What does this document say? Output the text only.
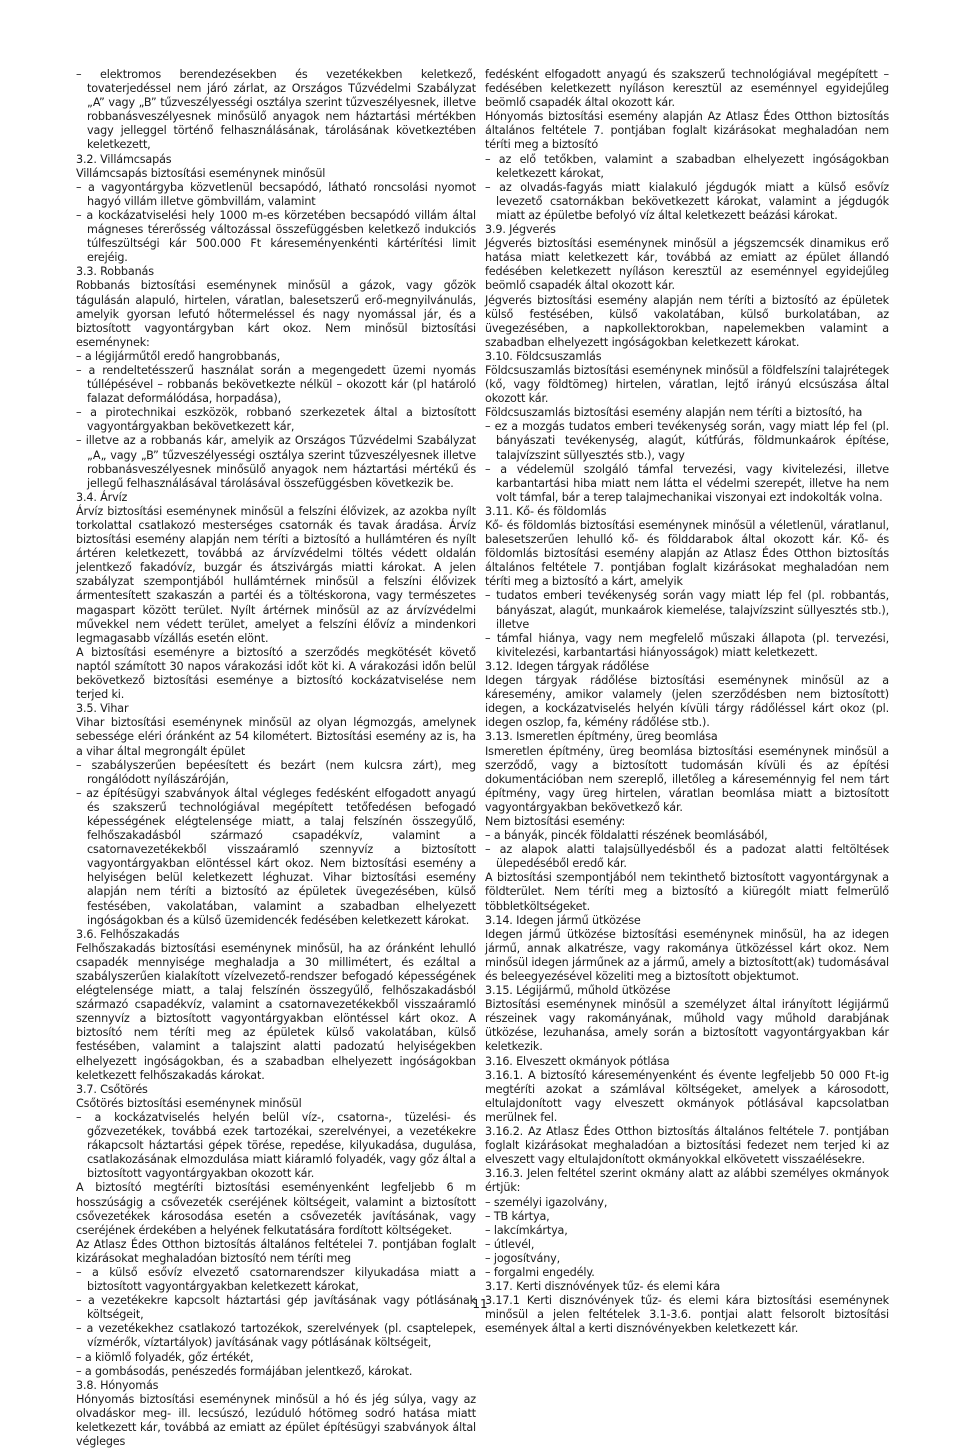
– elektromos berendezésekben és vezetékekben keletkező, tovaterjedéssel nem járó zárlat, az Országos Tűzvédelmi Szabályzat „A” vagy „B” tűzveszélyességi osztálya szerint tűzveszélyesnek, illetve robbanásveszélyesnek minősülő anyagok nem háztartási mértékben vagy jelleggel történő felhasználásának, tárolásának következtében keletkezett,

3.2. Villámcsapás

Villámcsapás biztosítási eseménynek minősül

– a vagyontárgyba közvetlenül becsapódó, látható roncsolási nyomot hagyó villám illetve gömbvillám, valamint

– a kockázatviselési hely 1000 m-es körzetében becsapódó villám által mágneses térerősség változással összefüggésben keletkező indukciós túlfeszültségi kár 500.000 Ft káreseményenkénti kártérítési limit erejéig.

3.3. Robbanás

Robbanás biztosítási eseménynek minősül a gázok, vagy gőzök tágulásán alapuló, hirtelen, váratlan, balesetszerű erő-megnyilvánulás, amelyik gyorsan lefutó hőtermeléssel és nagy nyomással jár, és a biztosított vagyontárgyban kárt okoz. Nem minősül biztosítási eseménynek:

– a légijárműtől eredő hangrobbanás,

– a rendeltetésszerű használat során a megengedett üzemi nyomás túllépésével – robbanás bekövetkezte nélkül – okozott kár (pl határoló falazat deformálódása, horpadása),

– a pirotechnikai eszközök, robbanó szerkezetek által a biztosított vagyontárgyakban bekövetkezett kár,

– illetve az a robbanás kár, amelyik az Országos Tűzvédelmi Szabályzat „A„ vagy „B” tűzveszélyességi osztálya szerint tűzveszélyesnek illetve robbanásveszélyesnek minősülő anyagok nem háztartási mértékű és jellegű felhasználásával tárolásával összefüggésben következik be.

3.4. Árvíz

Árvíz biztosítási eseménynek minősül a felszíni élővizek, az azokba nyílt torkolattal csatlakozó mesterséges csatornák és tavak áradása. Árvíz biztosítási esemény alapján nem téríti a biztosító a hullámtéren és nyílt ártéren keletkezett, továbbá az árvízvédelmi töltés védett oldalán jelentkező fakadóvíz, buzgár és átszivárgás miatti károkat. A jelen szabályzat szempontjából hullámtérnek minősül a felszíni élővizek ármentesített szakaszán a partéi és a töltéskorona, vagy természetes magaspart között terület. Nyílt ártérnek minősül az az árvízvédelmi művekkel nem védett terület, amelyet a felszíni élővíz a mindenkori legmagasabb vízállás esetén elönt.

A biztosítási eseményre a biztosító a szerződés megkötését követő naptól számított 30 napos várakozási időt köt ki. A várakozási időn belül bekövetkező biztosítási eseménye a biztosító kockázatviselése nem terjed ki.

3.5. Vihar

Vihar biztosítási eseménynek minősül az olyan légmozgás, amelynek sebessége eléri óránként az 54 kilométert. Biztosítási esemény az is, ha a vihar által megrongált épület

– szabályszerűen bepéesített és bezárt (nem kulcsra zárt), meg rongálódott nyílászáróján,

– az építésügyi szabványok által végleges fedésként elfogadott anyagú és szakszerű technológiával megépített tetőfedésen befogadó képességének elégtelensége miatt, a talaj felszínén összegyűlő, felhőszakadásból származó csapadékvíz, valamint a csatornavezetékekből visszaáramló szennyvíz a biztosított vagyontárgyakban elöntéssel kárt okoz. Nem biztosítási esemény a helyiségen belül keletkezett léghuzat. Vihar biztosítási esemény alapján nem téríti a biztosító az épületek üvegezésében, külső festésében, vakolatában, valamint a szabadban elhelyezett ingóságokban és a külső üzemidencék fedésében keletkezett károkat.

3.6. Felhőszakadás

Felhőszakadás biztosítási eseménynek minősül, ha az óránként lehulló csapadék mennyisége meghaladja a 30 millimétert, és ezáltal a szabályszerűen kialakított vízelvezető-rendszer befogadó képességének elégtelensége miatt, a talaj felszínén összegyűlő, felhőszakadásból származó csapadékvíz, valamint a csatornavezetékekből visszaáramló szennyvíz a biztosított vagyontárgyakban elöntéssel kárt okoz. A biztosító nem téríti meg az épületek külső vakolatában, külső festésében, valamint a talajszint alatti padozatú helyiségekben elhelyezett ingóságokban, és a szabadban elhelyezett ingóságokban keletkezett felhőszakadás károkat.

3.7. Csőtörés

Csőtörés biztosítási eseménynek minősül

– a kockázatviselés helyén belül víz-, csatorna-, tüzelési- és gőzvezetékek, továbbá ezek tartozékai, szerelvényei, a vezetékekre rákapcsolt háztartási gépek törése, repedése, kilyukadása, dugulása, csatlakozásának elmozdulása miatt kiáramló folyadék, vagy gőz által a biztosított vagyontárgyakban okozott kár.

A biztosító megtéríti biztosítási eseményenként legfeljebb 6 m hosszúságig a csővezeték cseréjének költségeit, valamint a biztosított csővezetékek károsodása esetén a csővezeték javításának, vagy cseréjének érdekében a helyének felkutatására fordított költségeket.

Az Atlasz Édes Otthon biztosítás általános feltételei 7. pontjában foglalt kizárásokat meghaladóan biztosító nem téríti meg

– a külső esővíz elvezető csatornarendszer kilyukadása miatt a biztosított vagyontárgyakban keletkezett károkat,

– a vezetékekre kapcsolt háztartási gép javításának vagy pótlásának költségeit,

– a vezetékekhez csatlakozó tartozékok, szerelvények (pl. csaptelepek, vízmérők, víztartályok) javításának vagy pótlásának költségeit,

– a kiömlő folyadék, gőz értékét,

– a gombásodás, penészedés formájában jelentkező, károkat.

3.8. Hónyomás

Hónyomás biztosítási eseménynek minősül a hó és jég súlya, vagy az olvadáskor meg- ill. lecsúszó, lezúduló hótömeg sodró hatása miatt keletkezett kár, továbbá az emiatt az épület építésügyi szabványok által végleges

fedésként elfogadott anyagú és szakszerű technológiával megépített – fedésében keletkezett nyíláson keresztül az eseménnyel egyidejűleg beömlő csapadék által okozott kár.

Hónyomás biztosítási esemény alapján Az Atlasz Édes Otthon biztosítás általános feltétele 7. pontjában foglalt kizárásokat meghaladóan nem téríti meg a biztosító

– az elő tetőkben, valamint a szabadban elhelyezett ingóságokban keletkezett károkat,

– az olvadás-fagyás miatt kialakuló jégdugók miatt a külső esővíz levezető csatornákban bekövetkezett károkat, valamint a jégdugók miatt az épületbe befolyó víz által keletkezett beázási károkat.

3.9. Jégverés

Jégverés biztosítási eseménynek minősül a jégszemcsék dinamikus erő hatása miatt keletkezett kár, továbbá az emiatt az épület állandó fedésében keletkezett nyíláson keresztül az eseménnyel egyidejűleg beömlő csapadék által okozott kár.

Jégverés biztosítási esemény alapján nem téríti a biztosító az épületek külső festésében, külső vakolatában, külső burkolatában, az üvegezésében, a napkollektorokban, napelemekben valamint a szabadban elhelyezett ingóságokban keletkezett károkat.

3.10. Földcsuszamlás

Földcsuszamlás biztosítási eseménynek minősül a földfelszíni talajrétegek (kő, vagy földtömeg) hirtelen, váratlan, lejtő irányú elcsúszása által okozott kár.

Földcsuszamlás biztosítási esemény alapján nem téríti a biztosító, ha

– ez a mozgás tudatos emberi tevékenység során, vagy miatt lép fel (pl. bányászati tevékenység, alagút, kútfúrás, földmunkaárok építése, talajvízszint süllyesztés stb.), vagy

– a védelemül szolgáló támfal tervezési, vagy kivitelezési, illetve karbantartási hiba miatt nem látta el védelmi szerepét, illetve ha nem volt támfal, bár a terep talajmechanikai viszonyai ezt indokolták volna.

3.11. Kő- és földomlás

Kő- és földomlás biztosítási eseménynek minősül a véletlenül, váratlanul, balesetszerűen lehulló kő- és földdarabok által okozott kár. Kő- és földomlás biztosítási esemény alapján az Atlasz Édes Otthon biztosítás általános feltétele 7. pontjában foglalt kizárásokat meghaladóan nem téríti meg a biztosító a kárt, amelyik

– tudatos emberi tevékenység során vagy miatt lép fel (pl. robbantás, bányászat, alagút, munkaárok kiemelése, talajvízszint süllyesztés stb.), illetve

– támfal hiánya, vagy nem megfelelő műszaki állapota (pl. tervezési, kivitelezési, karbantartási hiányosságok) miatt keletkezett.

3.12. Idegen tárgyak rádőlése

Idegen tárgyak rádőlése biztosítási eseménynek minősül az a káresemény, amikor valamely (jelen szerződésben nem biztosított) idegen, a kockázatviselés helyén kívüli tárgy rádőléssel kárt okoz (pl. idegen oszlop, fa, kémény rádőlése stb.).

3.13. Ismeretlen építmény, üreg beomlása

Ismeretlen építmény, üreg beomlása biztosítási eseménynek minősül a szerződő, vagy a biztosított tudomásán kívüli és az építési dokumentációban nem szereplő, illetőleg a káreseménnyig fel nem tárt építmény, vagy üreg hirtelen, váratlan beomlása miatt a biztosított vagyontárgyakban bekövetkező kár.

Nem biztosítási esemény:

– a bányák, pincék földalatti részének beomlásából,

– az alapok alatti talajsüllyedésből és a padozat alatti feltöltések ülepedéséből eredő kár.

A biztosítási szempontjából nem tekinthető biztosított vagyontárgynak a földterület. Nem téríti meg a biztosító a kiürególt miatt felmerülő többletköltségeket.

3.14. Idegen jármű ütközése

Idegen jármű ütközése biztosítási eseménynek minősül, ha az idegen jármű, annak alkatrésze, vagy rakománya ütközéssel kárt okoz. Nem minősül idegen járműnek az a jármű, amely a biztosított(ak) tudomásával és beleegyezésével közeliti meg a biztosított objektumot.

3.15. Légijármű, műhold ütközése

Biztosítási eseménynek minősül a személyzet által irányított légijármű részeinek vagy rakományának, műhold vagy műhold darabjának ütközése, lezuhanása, amely során a biztosított vagyontárgyakban kár keletkezik.

3.16. Elveszett okmányok pótlása

3.16.1. A biztosító káreseményenként és évente legfeljebb 50 000 Ft-ig megtéríti azokat a számlával költségeket, amelyek a károsodott, eltulajdonított vagy elveszett okmányok pótlásával kapcsolatban merülnek fel.

3.16.2. Az Atlasz Édes Otthon biztosítás általános feltétele 7. pontjában foglalt kizárásokat meghaladóan a biztosítási fedezet nem terjed ki az elveszett vagy eltulajdonított okmányokkal elkövetett visszaélésekre.

3.16.3. Jelen feltétel szerint okmány alatt az alábbi személyes okmányok értjük:

– személyi igazolvány,

– TB kártya,

– lakcímkártya,

– útlevél,

– jogosítvány,

– forgalmi engedély.

3.17. Kerti disznóvények tűz- és elemi kára

3.17.1 Kerti disznóvények tűz- és elemi kára biztosítási eseménynek minősül a jelen feltételek 3.1-3.6. pontjai alatt felsorolt biztosítási események által a kerti disznóvényekben keletkezett kár.

11
